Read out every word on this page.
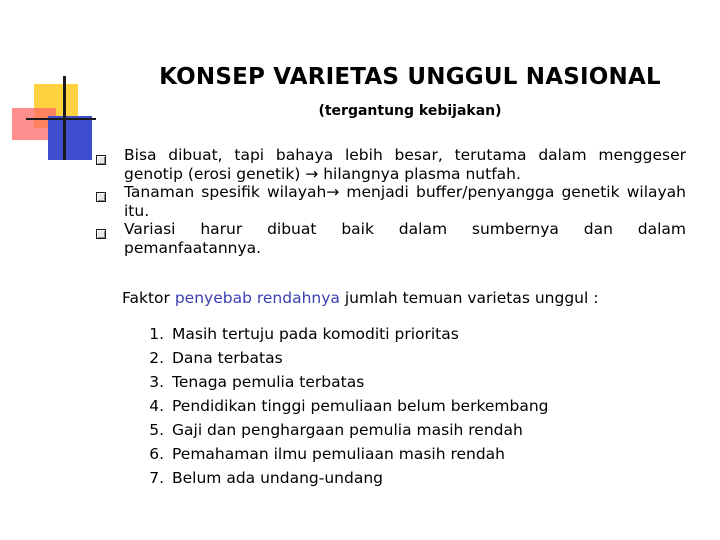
KONSEP VARIETAS UNGGUL NASIONAL
(tergantung kebijakan)
Bisa dibuat, tapi bahaya lebih besar, terutama dalam menggeser genotip (erosi genetik) → hilangnya plasma nutfah.
Tanaman spesifik wilayah→ menjadi buffer/penyangga genetik wilayah itu.
Variasi harur dibuat baik dalam sumbernya dan dalam pemanfaatannya.
Faktor penyebab rendahnya jumlah temuan varietas unggul :
1. Masih tertuju pada komoditi prioritas
2. Dana terbatas
3. Tenaga pemulia terbatas
4. Pendidikan tinggi pemuliaan belum berkembang
5. Gaji dan penghargaan pemulia masih rendah
6. Pemahaman ilmu pemuliaan masih rendah
7. Belum ada undang-undang
